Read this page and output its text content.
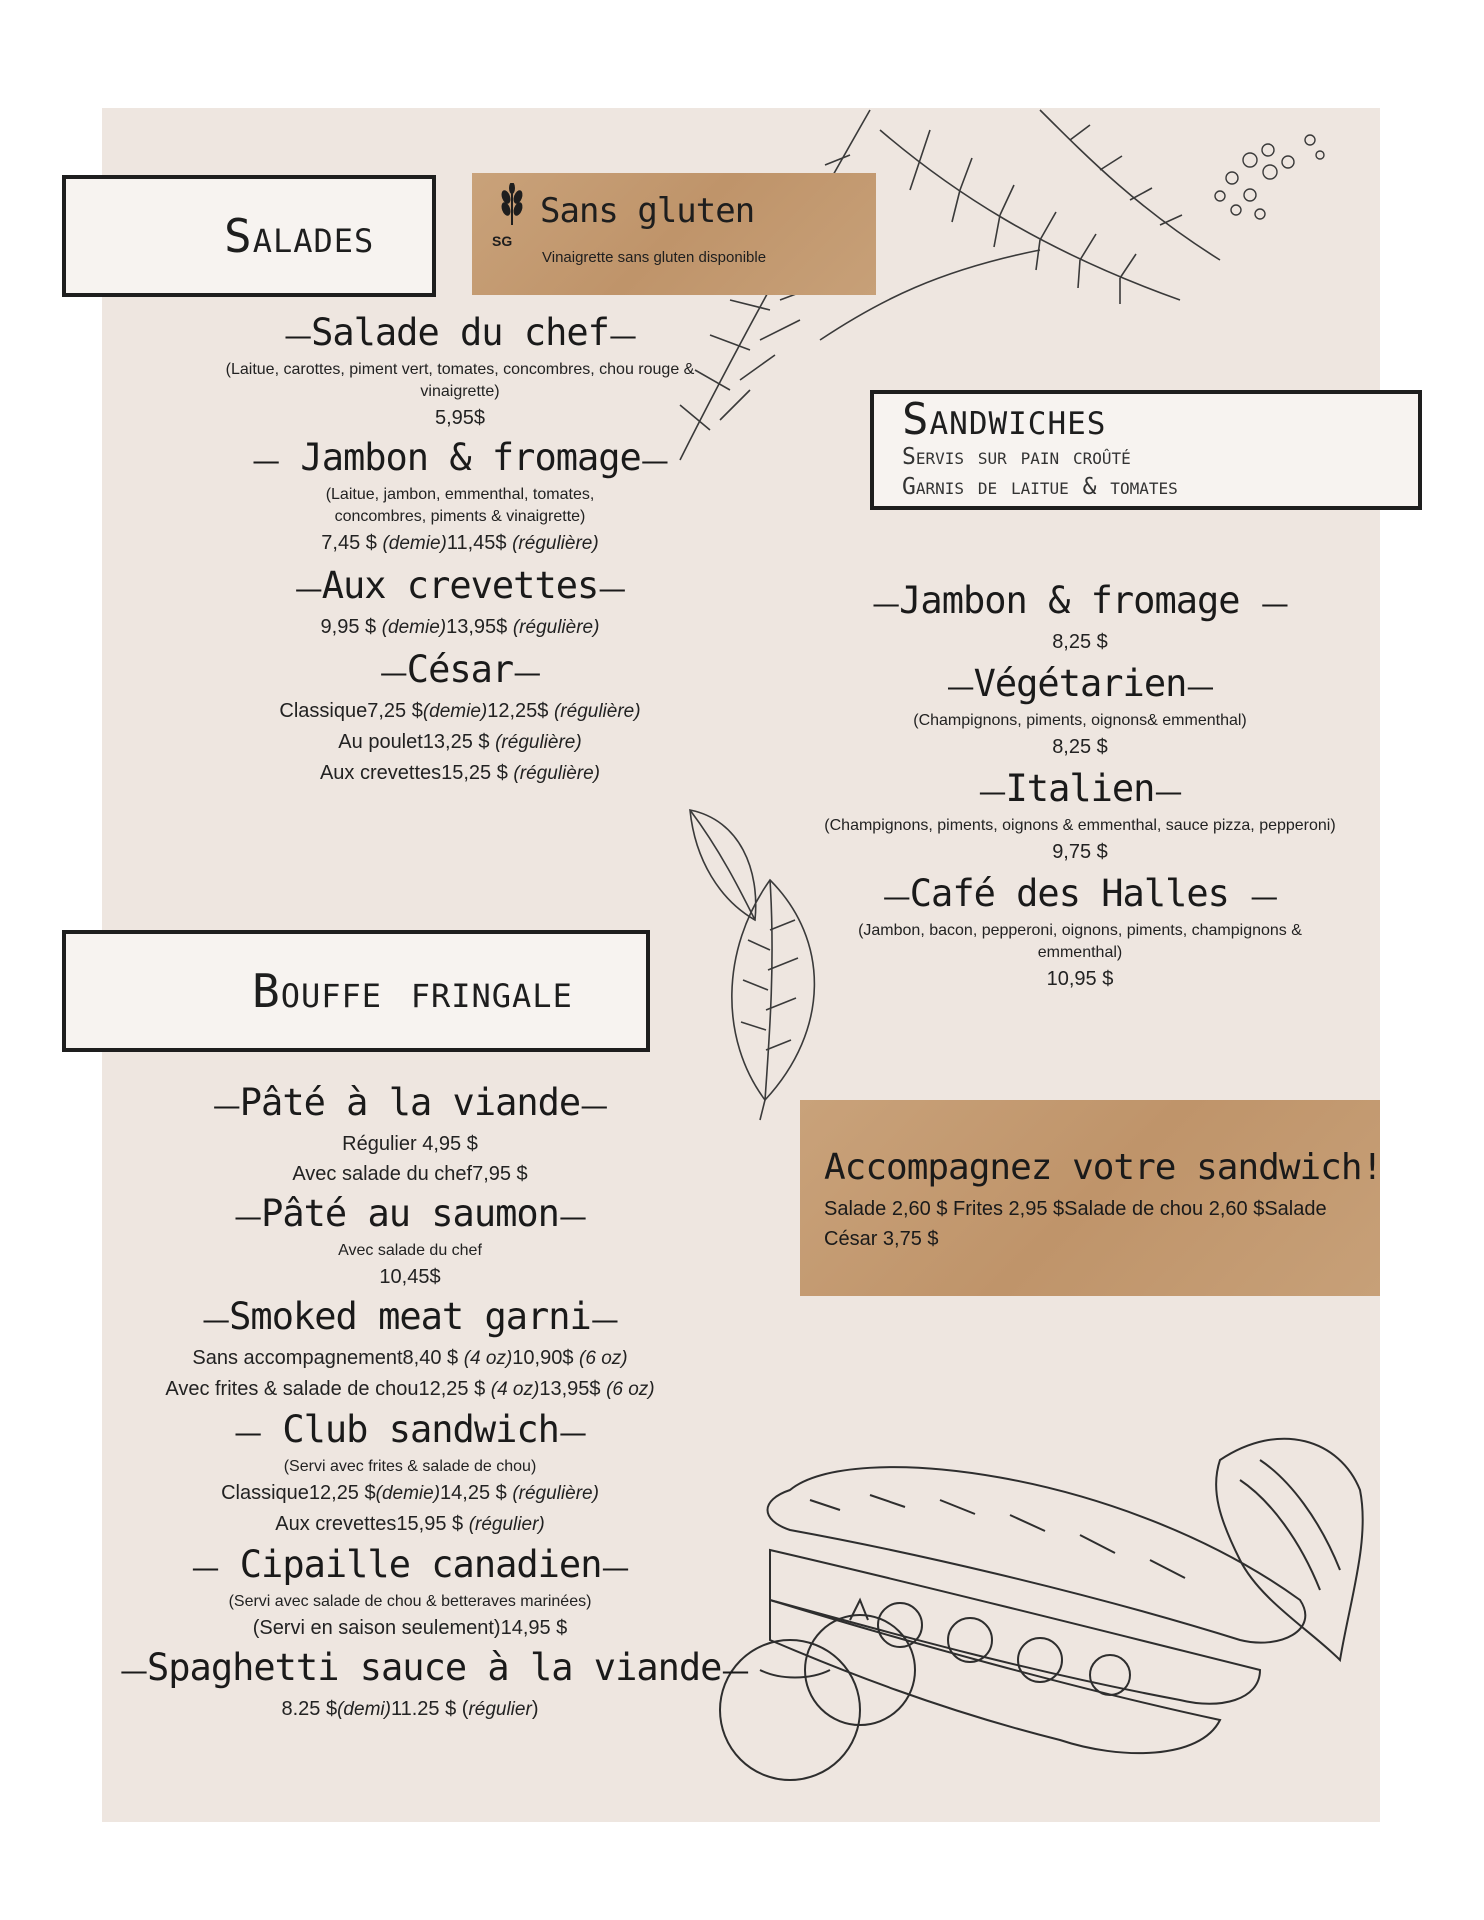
Salades	SG
Sans gluten
Vinaigrette sans gluten disponible
—Salade du chef—
(Laitue, carottes, piment vert, tomates, concombres, chou rouge & vinaigrette)
5,95$
— Jambon & fromage—
(Laitue, jambon, emmenthal, tomates, concombres, piments & vinaigrette)
7,45 $ (demie)11,45$ (régulière)
—Aux crevettes—
9,95 $ (demie)13,95$ (régulière)
—César—
Classique7,25 $(demie)12,25$ (régulière)
Au poulet13,25 $ (régulière)
Aux crevettes15,25 $ (régulière)
Sandwiches
Servis sur pain croûté
Garnis de laitue & tomates
—Jambon & fromage —
8,25 $
—Végétarien—
(Champignons, piments, oignons& emmenthal)
8,25 $
—Italien—
(Champignons, piments, oignons & emmenthal, sauce pizza, pepperoni)
9,75 $
—Café des Halles —
(Jambon, bacon, pepperoni, oignons, piments, champignons & emmenthal)
10,95 $
Accompagnez votre sandwich!
Salade 2,60 $ Frites 2,95 $Salade de chou 2,60 $Salade César 3,75 $
Bouffe fringale
—Pâté à la viande—
Régulier 4,95 $
Avec salade du chef7,95 $
—Pâté au saumon—
Avec salade du chef
10,45$
—Smoked meat garni—
Sans accompagnement8,40 $ (4 oz)10,90$ (6 oz)
Avec frites & salade de chou12,25 $ (4 oz)13,95$ (6 oz)
— Club sandwich—
(Servi avec frites & salade de chou)
Classique12,25 $(demie)14,25 $ (régulière)
Aux crevettes15,95 $ (régulier)
— Cipaille canadien—
(Servi avec salade de chou & betteraves marinées)
(Servi en saison seulement)14,95 $
—Spaghetti sauce à la viande—
8.25 $(demi)11.25 $ (régulier)
